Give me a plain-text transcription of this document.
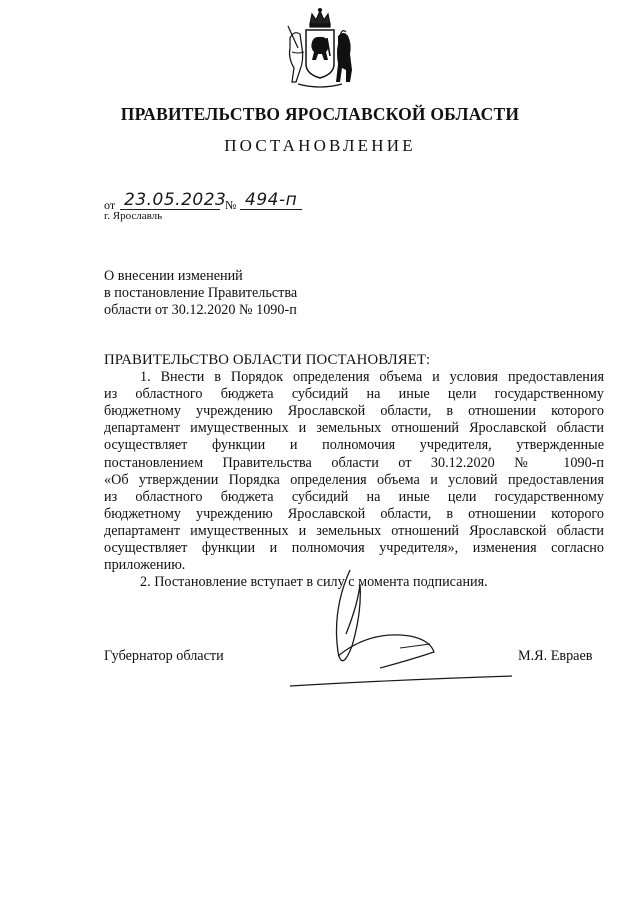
ПРАВИТЕЛЬСТВО ЯРОСЛАВСКОЙ ОБЛАСТИ
ПОСТАНОВЛЕНИЕ
от 23.05.2023
№ 494-п
г. Ярославль
О внесении изменений
в постановление Правительства
области от 30.12.2020 № 1090-п
ПРАВИТЕЛЬСТВО ОБЛАСТИ ПОСТАНОВЛЯЕТ:
1. Внести в Порядок определения объема и условия предоставления
из областного бюджета субсидий на иные цели государственному
бюджетному учреждению Ярославской области, в отношении которого
департамент имущественных и земельных отношений Ярославской области
осуществляет функции и полномочия учредителя, утвержденные
постановлением Правительства области от 30.12.2020 № 1090-п
«Об утверждении Порядка определения объема и условий предоставления
из областного бюджета субсидий на иные цели государственному
бюджетному учреждению Ярославской области, в отношении которого
департамент имущественных и земельных отношений Ярославской области
осуществляет функции и полномочия учредителя», изменения согласно
приложению.
2. Постановление вступает в силу с момента подписания.
Губернатор области	М.Я. Евраев
